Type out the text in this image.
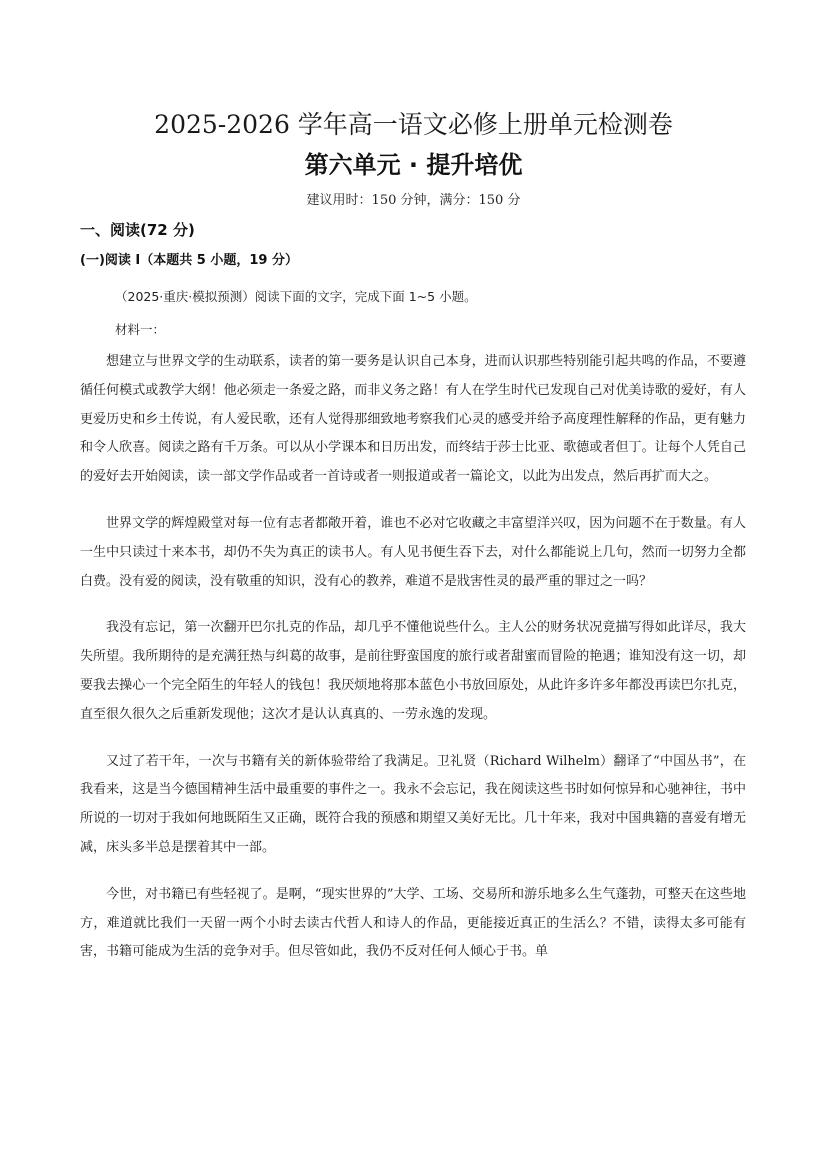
2025-2026 学年高一语文必修上册单元检测卷
第六单元 · 提升培优
建议用时：150 分钟，满分：150 分
一、阅读(72 分)
(一)阅读 I（本题共 5 小题，19 分）
（2025·重庆·模拟预测）阅读下面的文字，完成下面 1~5 小题。
材料一：

想建立与世界文学的生动联系，读者的第一要务是认识自己本身，进而认识那些特别能引起共鸣的作品，不要遵循任何模式或教学大纲！他必须走一条爱之路，而非义务之路！有人在学生时代已发现自己对优美诗歌的爱好，有人更爱历史和乡土传说，有人爱民歌，还有人觉得那细致地考察我们心灵的感受并给予高度理性解释的作品，更有魅力和令人欣喜。阅读之路有千万条。可以从小学课本和日历出发，而终结于莎士比亚、歌德或者但丁。让每个人凭自己的爱好去开始阅读，读一部文学作品或者一首诗或者一则报道或者一篇论文，以此为出发点，然后再扩而大之。

世界文学的辉煌殿堂对每一位有志者都敞开着，谁也不必对它收藏之丰富望洋兴叹，因为问题不在于数量。有人一生中只读过十来本书，却仍不失为真正的读书人。有人见书便生吞下去，对什么都能说上几句，然而一切努力全都白费。没有爱的阅读，没有敬重的知识，没有心的教养，难道不是戕害性灵的最严重的罪过之一吗？

我没有忘记，第一次翻开巴尔扎克的作品，却几乎不懂他说些什么。主人公的财务状况竟描写得如此详尽，我大失所望。我所期待的是充满狂热与纠葛的故事，是前往野蛮国度的旅行或者甜蜜而冒险的艳遇；谁知没有这一切，却要我去操心一个完全陌生的年轻人的钱包！我厌烦地将那本蓝色小书放回原处，从此许多许多年都没再读巴尔扎克，直至很久很久之后重新发现他；这次才是认认真真的、一劳永逸的发现。

又过了若干年，一次与书籍有关的新体验带给了我满足。卫礼贤（Richard Wilhelm）翻译了“中国丛书”，在我看来，这是当今德国精神生活中最重要的事件之一。我永不会忘记，我在阅读这些书时如何惊异和心驰神往，书中所说的一切对于我如何地既陌生又正确，既符合我的预感和期望又美好无比。几十年来，我对中国典籍的喜爱有增无减，床头多半总是摆着其中一部。

今世，对书籍已有些轻视了。是啊，“现实世界的”大学、工场、交易所和游乐地多么生气蓬勃，可整天在这些地方，难道就比我们一天留一两个小时去读古代哲人和诗人的作品，更能接近真正的生活么？不错，读得太多可能有害，书籍可能成为生活的竞争对手。但尽管如此，我仍不反对任何人倾心于书。单
